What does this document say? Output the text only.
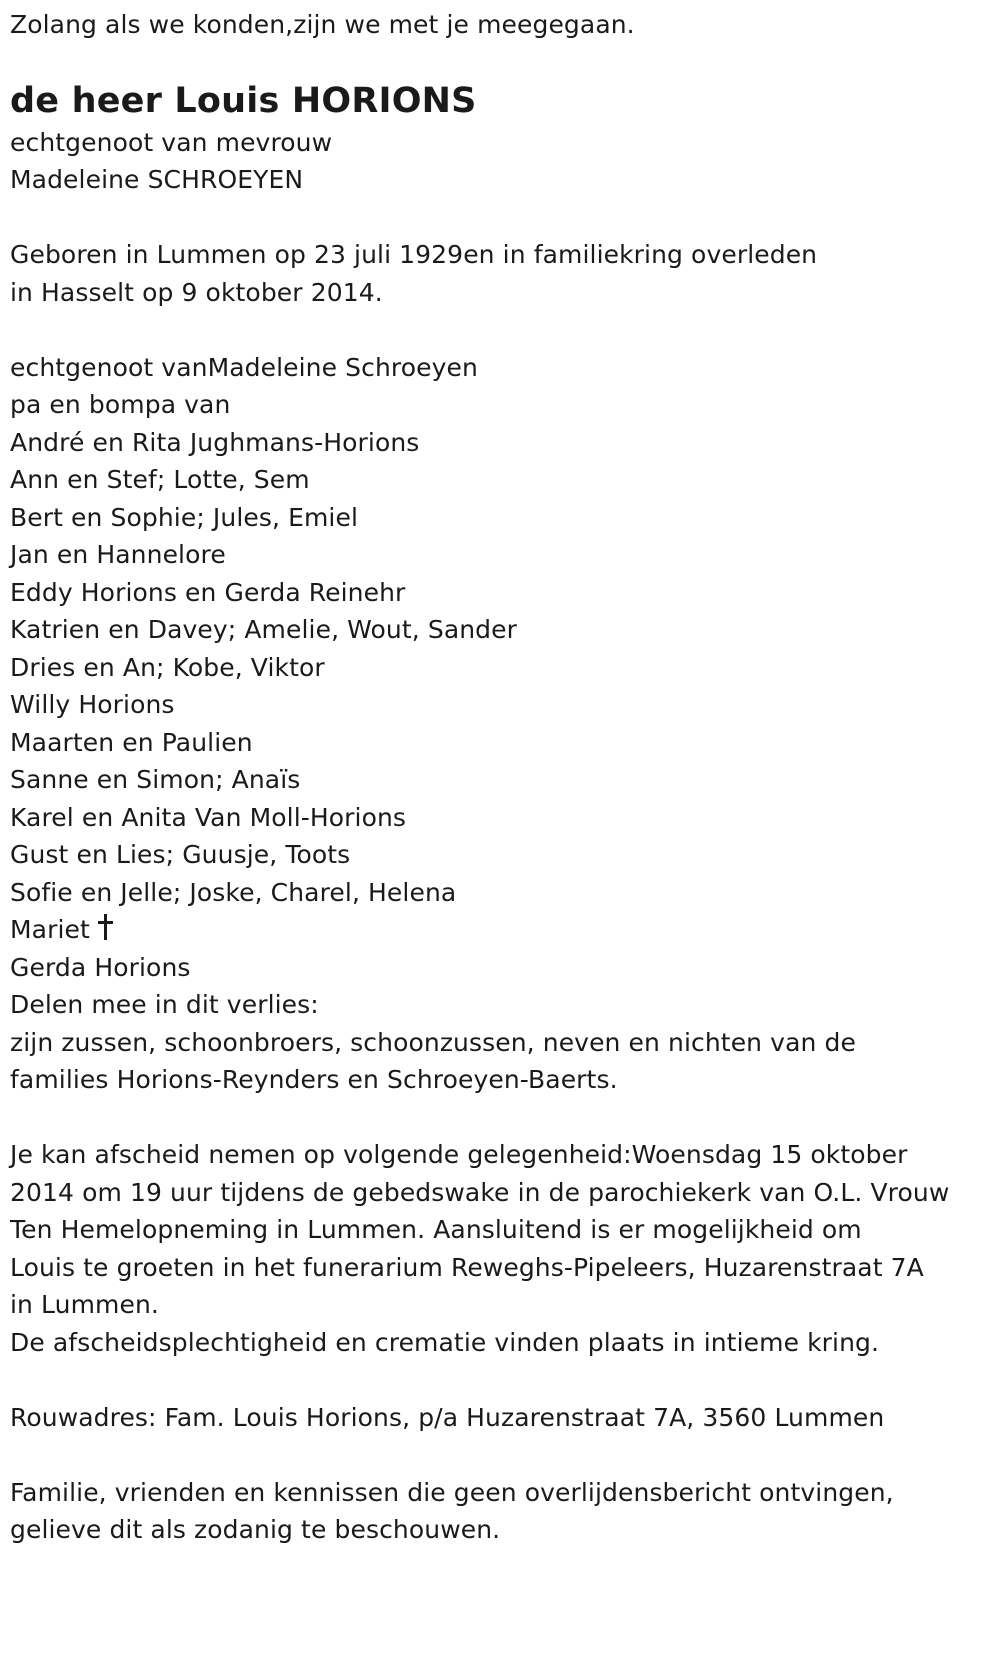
Zolang als we konden,zijn we met je meegegaan.
de heer Louis HORIONS
echtgenoot van mevrouw
Madeleine SCHROEYEN
Geboren in Lummen op 23 juli 1929en in familiekring overleden
in Hasselt op 9 oktober 2014.
echtgenoot vanMadeleine Schroeyen
pa en bompa van
André en Rita Jughmans-Horions
Ann en Stef; Lotte, Sem
Bert en Sophie; Jules, Emiel
Jan en Hannelore
Eddy Horions en Gerda Reinehr
Katrien en Davey; Amelie, Wout, Sander
Dries en An; Kobe, Viktor
Willy Horions
Maarten en Paulien
Sanne en Simon; Anaïs
Karel en Anita Van Moll-Horions
Gust en Lies; Guusje, Toots
Sofie en Jelle; Joske, Charel, Helena
Mariet
Gerda Horions
Delen mee in dit verlies:
zijn zussen, schoonbroers, schoonzussen, neven en nichten van de
families Horions-Reynders en Schroeyen-Baerts.
Je kan afscheid nemen op volgende gelegenheid:Woensdag 15 oktober
2014 om 19 uur tijdens de gebedswake in de parochiekerk van O.L. Vrouw
Ten Hemelopneming in Lummen. Aansluitend is er mogelijkheid om
Louis te groeten in het funerarium Reweghs-Pipeleers, Huzarenstraat 7A
in Lummen.
De afscheidsplechtigheid en crematie vinden plaats in intieme kring.
Rouwadres: Fam. Louis Horions, p/a Huzarenstraat 7A, 3560 Lummen
Familie, vrienden en kennissen die geen overlijdensbericht ontvingen,
gelieve dit als zodanig te beschouwen.
